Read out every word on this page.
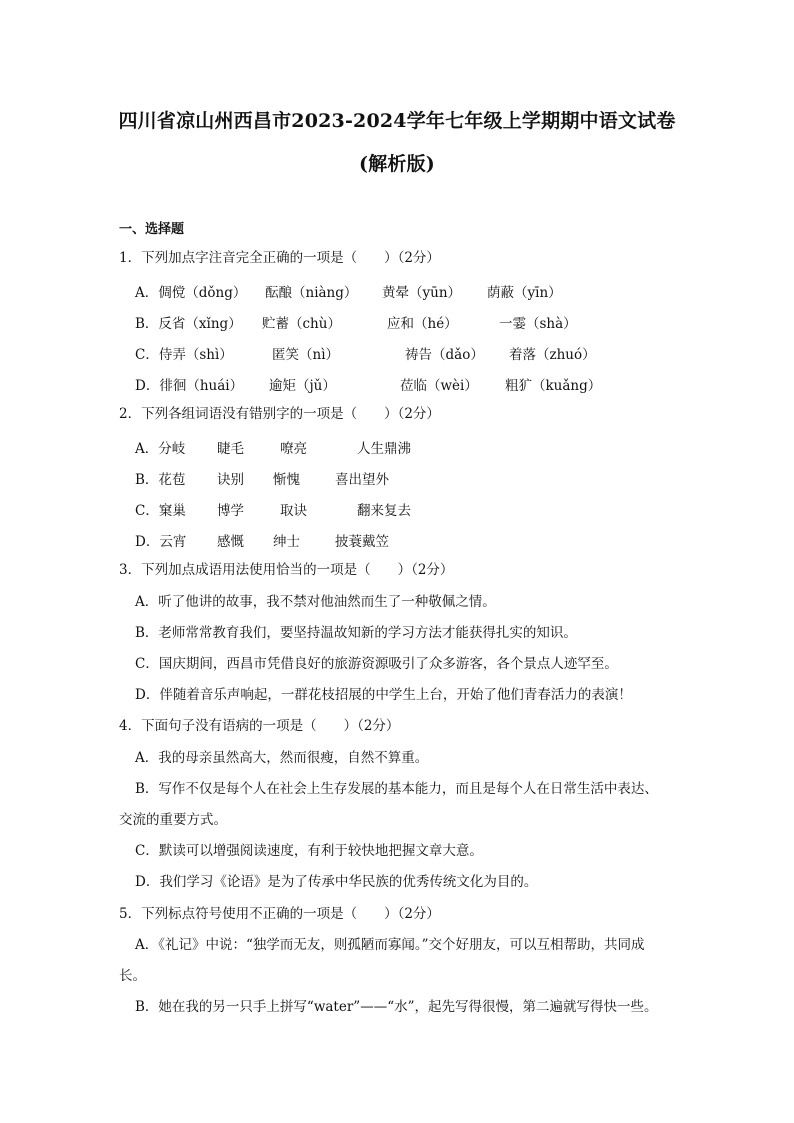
四川省凉山州西昌市2023-2024学年七年级上学期期中语文试卷
(解析版)
一、选择题
1．下列加点字注音完全正确的一项是（　　）（2分）
A．倜傥（dǒng） 酝酿（niàng） 黄晕（yūn） 荫蔽（yīn）
B．反省（xǐng） 贮蓄（chù）	应和（hé）	一霎（shà）
C．侍弄（shì）	匿笑（nì）	祷告（dǎo） 着落（zhuó）
D．徘徊（huái） 逾矩（jǔ）	莅临（wèi） 粗犷（kuǎng）
2．下列各组词语没有错别字的一项是（　　）（2分）
A．分岐 睫毛	嘹亮	人生鼎沸
B．花苞 诀别 惭愧	喜出望外
C．窠巢 博学	取诀	翻来复去
D．云宵 感慨 绅士	披蓑戴笠
3．下列加点成语用法使用恰当的一项是（　　）（2分）
A．听了他讲的故事，我不禁对他油然而生了一种敬佩之情。
B．老师常常教育我们，要坚持温故知新的学习方法才能获得扎实的知识。
C．国庆期间，西昌市凭借良好的旅游资源吸引了众多游客，各个景点人迹罕至。
D．伴随着音乐声响起，一群花枝招展的中学生上台，开始了他们青春活力的表演！
4．下面句子没有语病的一项是（　　）（2分）
A．我的母亲虽然高大，然而很瘦，自然不算重。
B．写作不仅是每个人在社会上生存发展的基本能力，而且是每个人在日常生活中表达、
交流的重要方式。
C．默读可以增强阅读速度，有利于较快地把握文章大意。
D．我们学习《论语》是为了传承中华民族的优秀传统文化为目的。
5．下列标点符号使用不正确的一项是（　　）（2分）
A．《礼记》中说：“独学而无友，则孤陋而寡闻。”交个好朋友，可以互相帮助，共同成
长。
B．她在我的另一只手上拼写“water”——“水”，起先写得很慢，第二遍就写得快一些。
